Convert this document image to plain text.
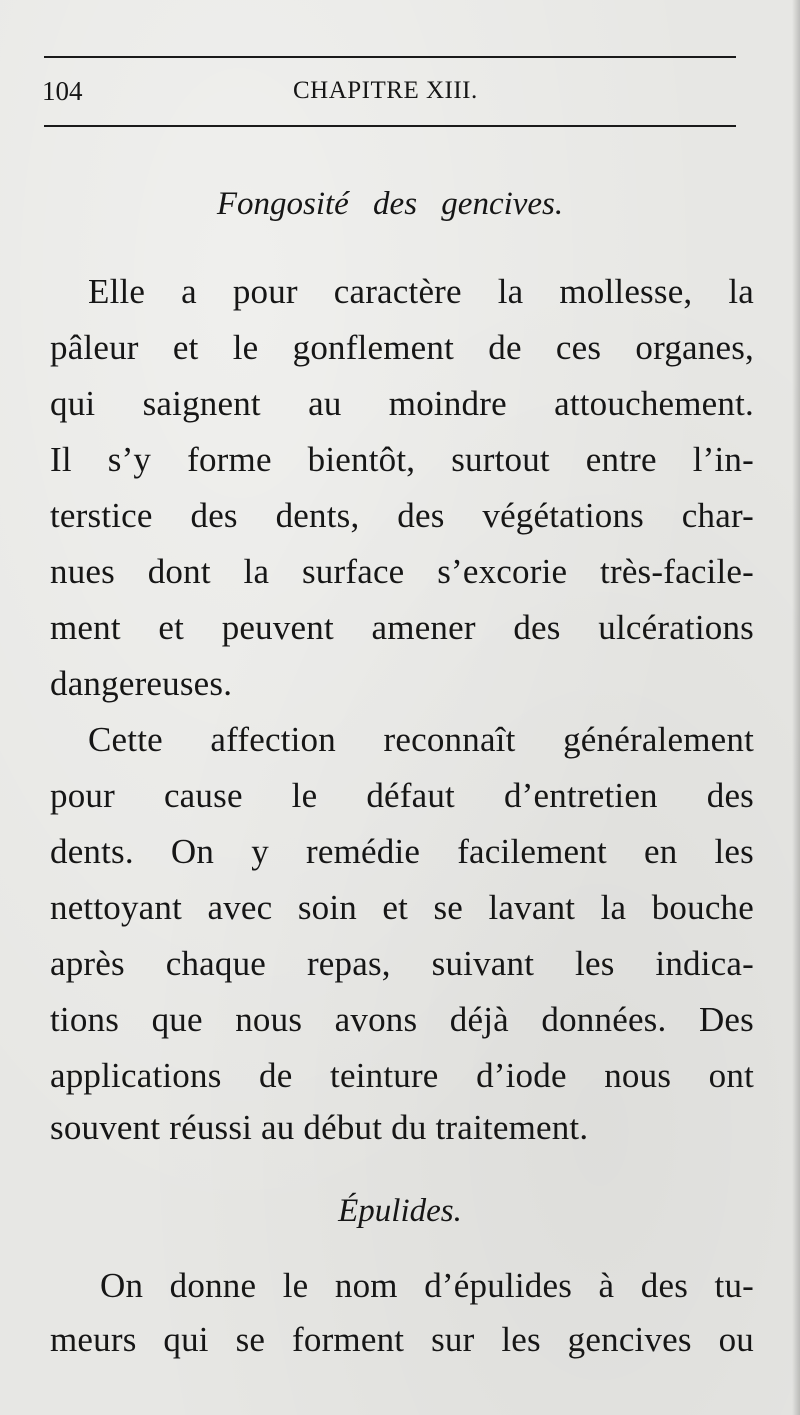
104	CHAPITRE XIII.
Fongosité des gencives.
Elle a pour caractère la mollesse, la
pâleur et le gonflement de ces organes,
qui saignent au moindre attouchement.
Il s’y forme bientôt, surtout entre l’in-
terstice des dents, des végétations char-
nues dont la surface s’excorie très-facile-
ment et peuvent amener des ulcérations
dangereuses.
Cette affection reconnaît généralement
pour cause le défaut d’entretien des
dents. On y remédie facilement en les
nettoyant avec soin et se lavant la bouche
après chaque repas, suivant les indica-
tions que nous avons déjà données. Des
applications de teinture d’iode nous ont
souvent réussi au début du traitement.
Épulides.
On donne le nom d’épulides à des tu-
meurs qui se forment sur les gencives ou
